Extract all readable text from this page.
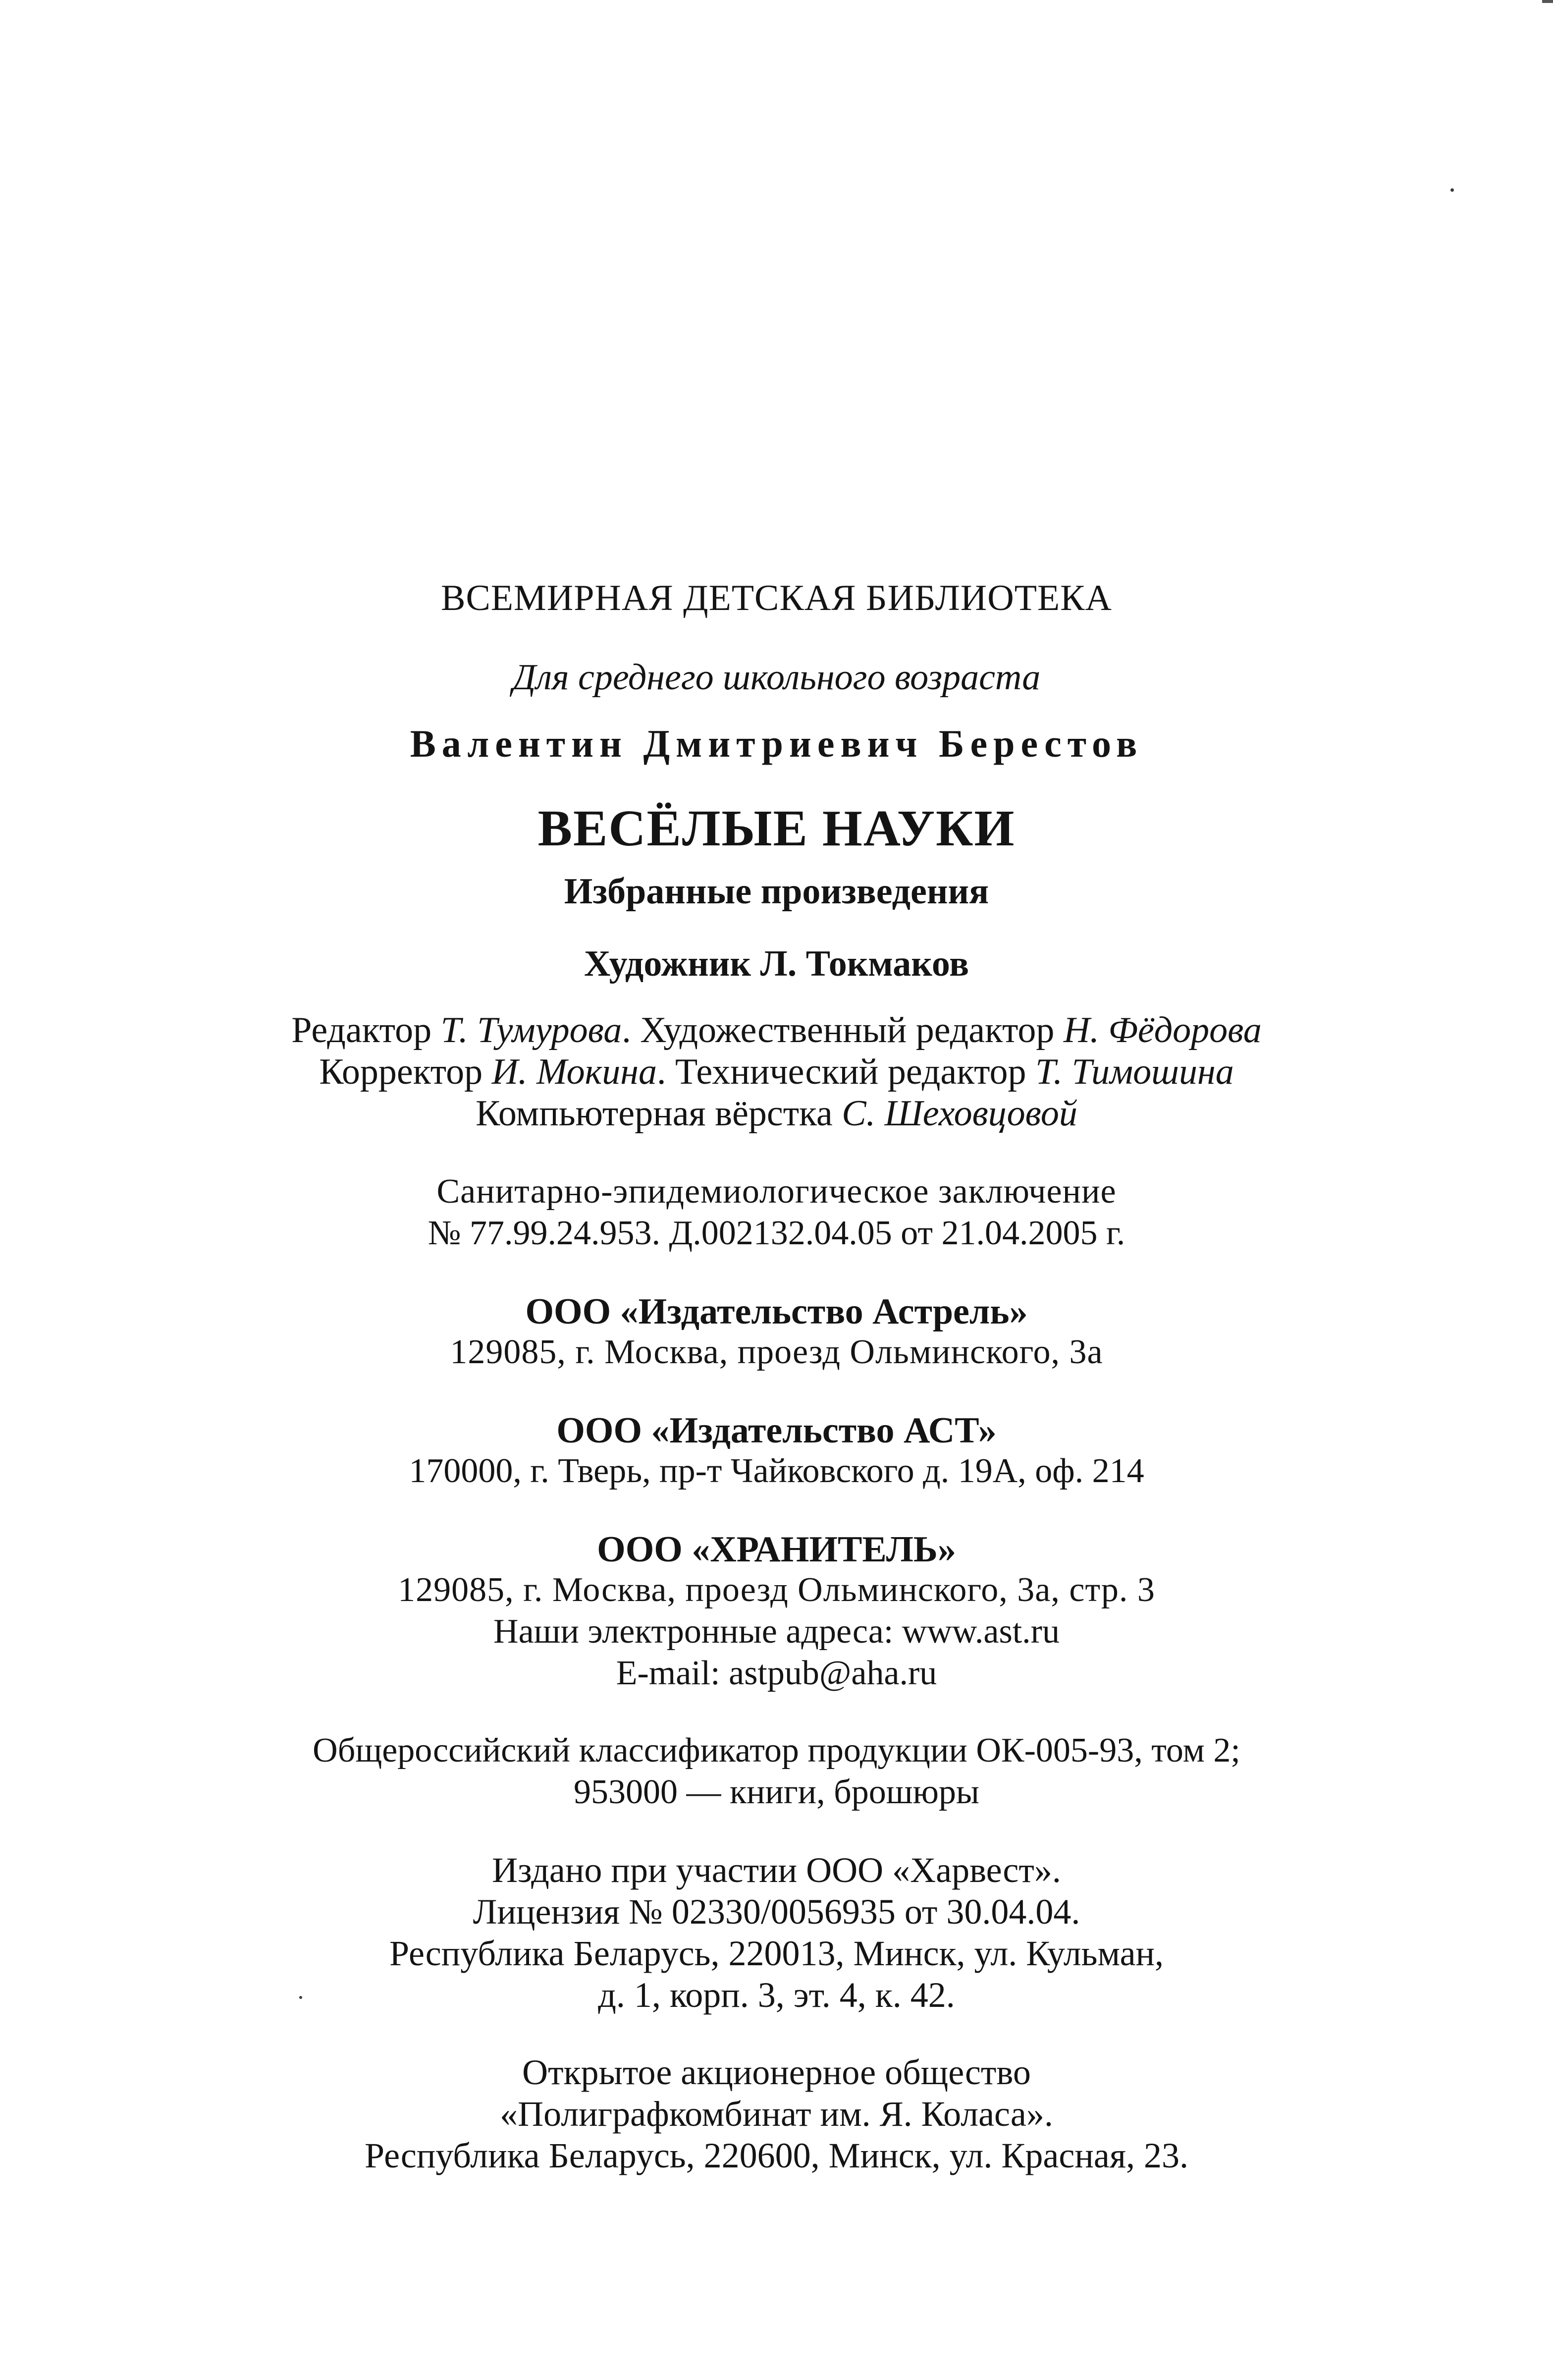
ВСЕМИРНАЯ ДЕТСКАЯ БИБЛИОТЕКА
Для среднего школьного возраста
Валентин Дмитриевич Берестов
ВЕСЁЛЫЕ НАУКИ
Избранные произведения
Художник Л. Токмаков
Редактор Т. Тумурова. Художественный редактор Н. Фёдорова
Корректор И. Мокина. Технический редактор Т. Тимошина
Компьютерная вёрстка С. Шеховцовой
Санитарно-эпидемиологическое заключение
№ 77.99.24.953. Д.002132.04.05 от 21.04.2005 г.
ООО «Издательство Астрель»
129085, г. Москва, проезд Ольминского, 3а
ООО «Издательство АСТ»
170000, г. Тверь, пр-т Чайковского д. 19А, оф. 214
ООО «ХРАНИТЕЛЬ»
129085, г. Москва, проезд Ольминского, 3а, стр. 3
Наши электронные адреса: www.ast.ru
E-mail: astpub@aha.ru
Общероссийский классификатор продукции ОК-005-93, том 2;
953000 — книги, брошюры
Издано при участии ООО «Харвест».
Лицензия № 02330/0056935 от 30.04.04.
Республика Беларусь, 220013, Минск, ул. Кульман,
д. 1, корп. 3, эт. 4, к. 42.
Открытое акционерное общество
«Полиграфкомбинат им. Я. Коласа».
Республика Беларусь, 220600, Минск, ул. Красная, 23.
